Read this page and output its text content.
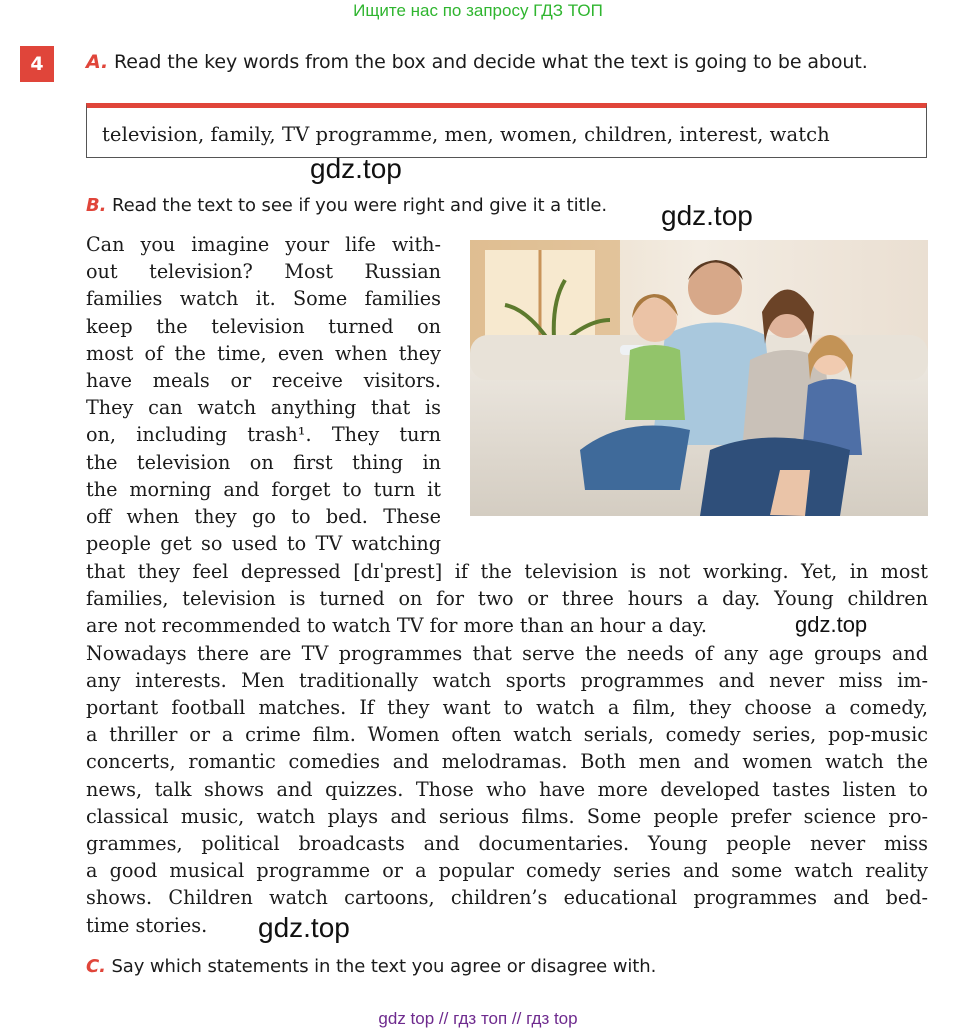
Ищите нас по запросу ГДЗ ТОП
4	A. Read the key words from the box and decide what the text is going to be about.
television, family, TV programme, men, women, children, interest, watch
gdz.top
B. Read the text to see if you were right and give it a title. gdz.top
Can you imagine your life with-
out television? Most Russian
families watch it. Some families
keep the television turned on
most of the time, even when they
have meals or receive visitors.
They can watch anything that is
on, including trash¹. They turn
the television on first thing in
the morning and forget to turn it
off when they go to bed. These
people get so used to TV watching
that they feel depressed [dɪˈprest] if the television is not working. Yet, in most
families, television is turned on for two or three hours a day. Young children
are not recommended to watch TV for more than an hour a day.
Nowadays there are TV programmes that serve the needs of any age groups and
any interests. Men traditionally watch sports programmes and never miss im-
portant football matches. If they want to watch a film, they choose a comedy,
a thriller or a crime film. Women often watch serials, comedy series, pop-music
concerts, romantic comedies and melodramas. Both men and women watch the
news, talk shows and quizzes. Those who have more developed tastes listen to
classical music, watch plays and serious films. Some people prefer science pro-
grammes, political broadcasts and documentaries. Young people never miss
a good musical programme or a popular comedy series and some watch reality
shows. Children watch cartoons, children’s educational programmes and bed-
time stories.
gdz.top
gdz.top
C. Say which statements in the text you agree or disagree with.
gdz top // гдз топ // гдз top
